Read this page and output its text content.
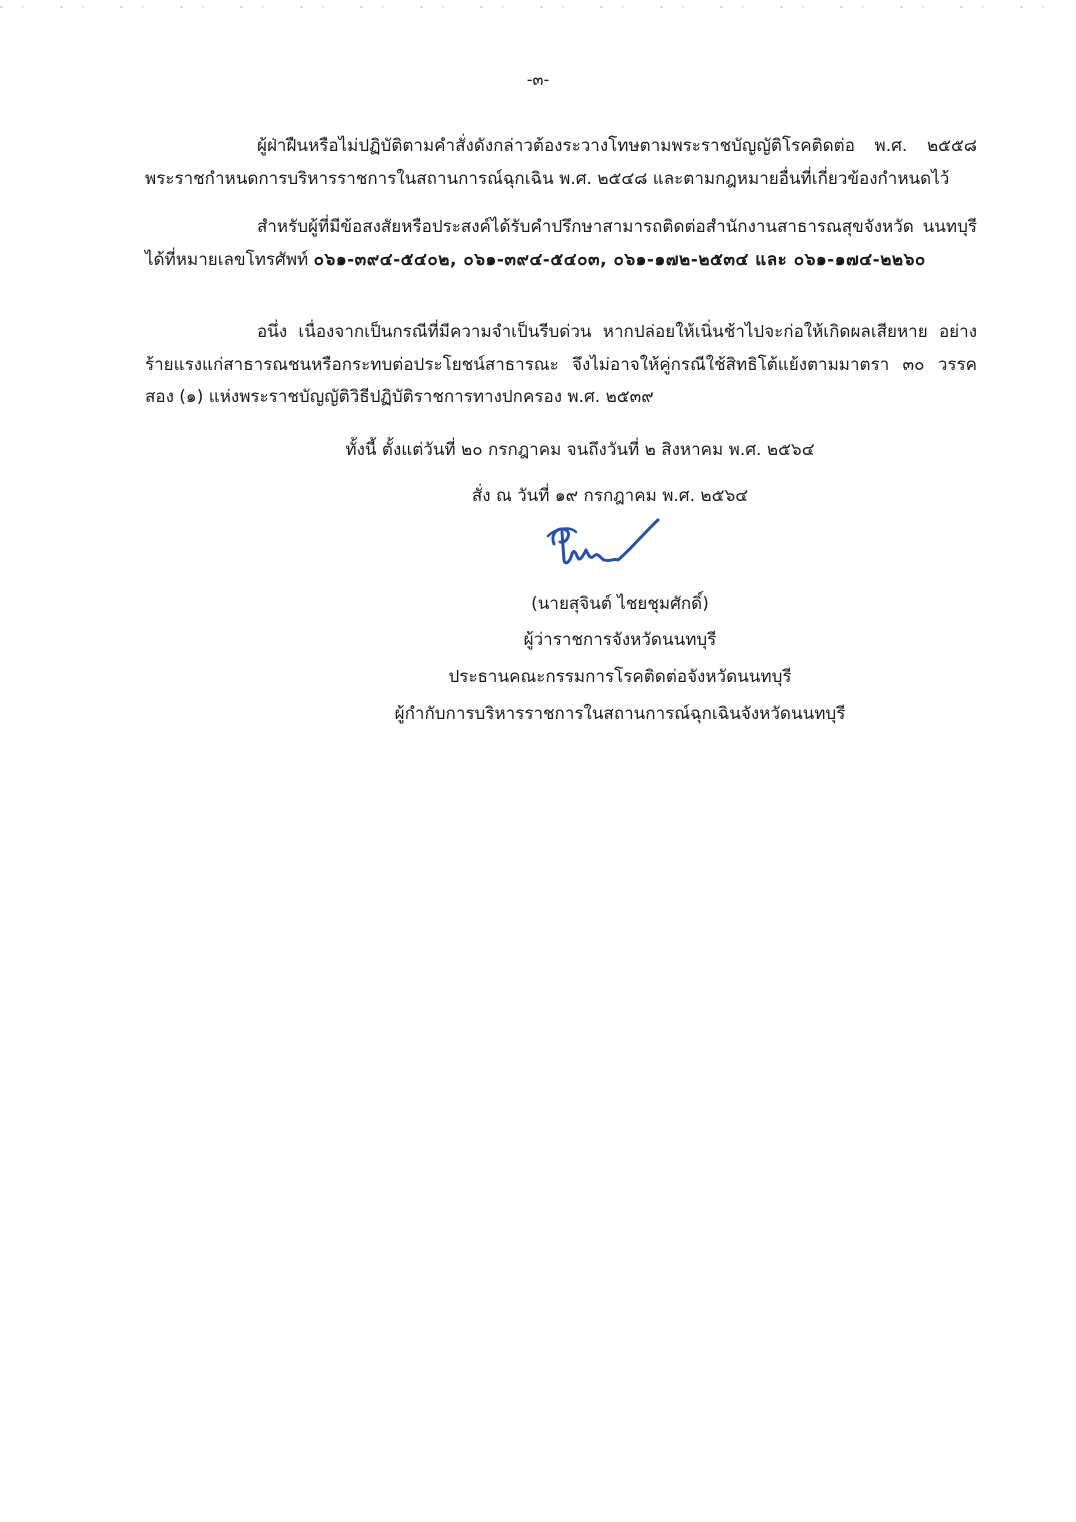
-๓-

ผู้ฝ่าฝืนหรือไม่ปฏิบัติตามคำสั่งดังกล่าวต้องระวางโทษตามพระราชบัญญัติโรคติดต่อ พ.ศ. ๒๕๕๘ พระราชกำหนดการบริหารราชการในสถานการณ์ฉุกเฉิน พ.ศ. ๒๕๔๘ และตามกฎหมายอื่นที่เกี่ยวข้องกำหนดไว้

สำหรับผู้ที่มีข้อสงสัยหรือประสงค์ได้รับคำปรึกษาสามารถติดต่อสำนักงานสาธารณสุขจังหวัด นนทบุรี ได้ที่หมายเลขโทรศัพท์ ๐๖๑-๓๙๔-๕๔๐๒, ๐๖๑-๓๙๔-๕๔๐๓, ๐๖๑-๑๗๒-๒๕๓๔ และ ๐๖๑-๑๗๔-๒๒๖๐

อนึ่ง เนื่องจากเป็นกรณีที่มีความจำเป็นรีบด่วน หากปล่อยให้เนิ่นช้าไปจะก่อให้เกิดผลเสียหาย อย่างร้ายแรงแก่สาธารณชนหรือกระทบต่อประโยชน์สาธารณะ จึงไม่อาจให้คู่กรณีใช้สิทธิโต้แย้งตามมาตรา ๓๐ วรรคสอง (๑) แห่งพระราชบัญญัติวิธีปฏิบัติราชการทางปกครอง พ.ศ. ๒๕๓๙

ทั้งนี้ ตั้งแต่วันที่ ๒๐ กรกฎาคม จนถึงวันที่ ๒ สิงหาคม พ.ศ. ๒๕๖๔
สั่ง ณ วันที่ ๑๙ กรกฎาคม พ.ศ. ๒๕๖๔
(นายสุจินต์ ไชยชุมศักดิ์)
ผู้ว่าราชการจังหวัดนนทบุรี
ประธานคณะกรรมการโรคติดต่อจังหวัดนนทบุรี
ผู้กำกับการบริหารราชการในสถานการณ์ฉุกเฉินจังหวัดนนทบุรี
